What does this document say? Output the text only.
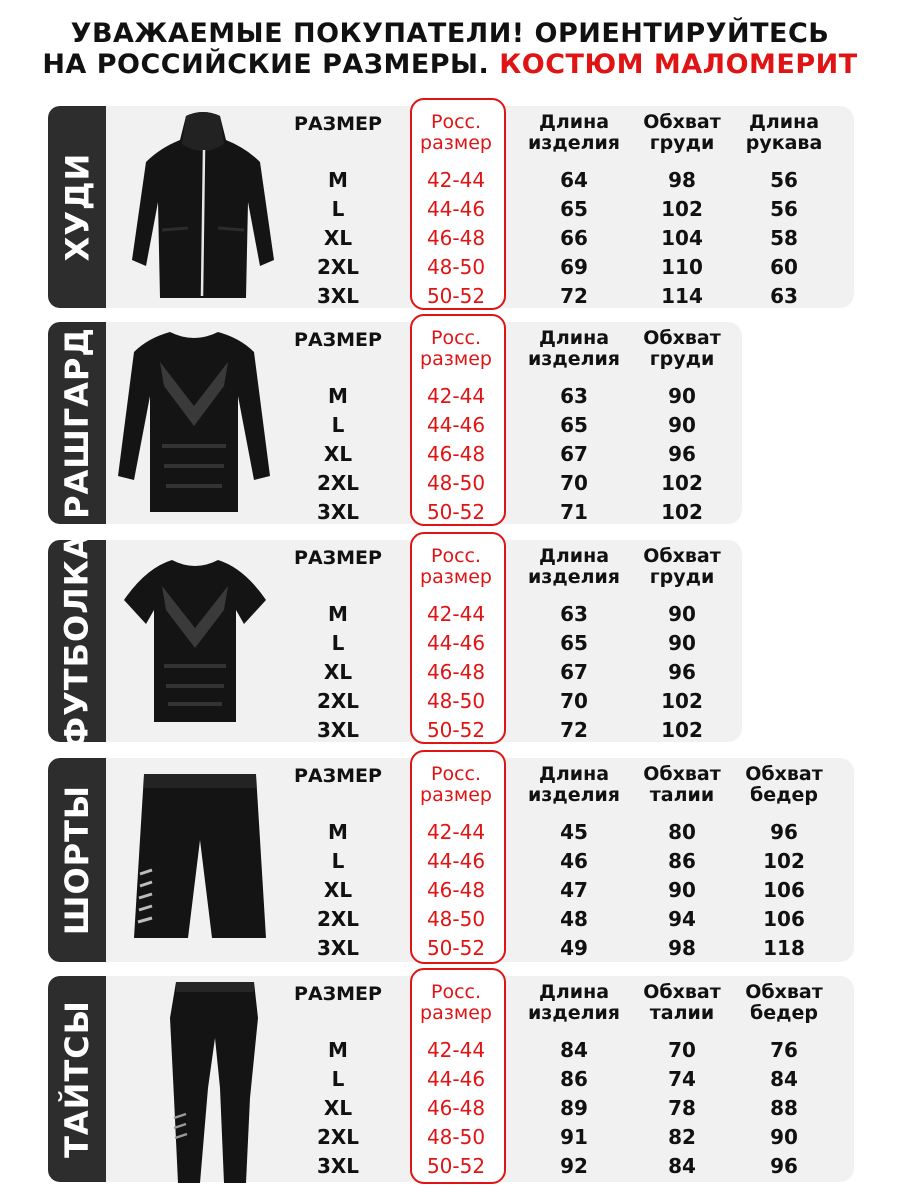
УВАЖАЕМЫЕ ПОКУПАТЕЛИ! ОРИЕНТИРУЙТЕСЬ
НА РОССИЙСКИЕ РАЗМЕРЫ. КОСТЮМ МАЛОМЕРИТ
ХУДИ
РАЗМЕР	Росс.
размер
Длина
изделия
Обхват
груди
Длина
рукава
M	42-44	64	98	56
L	44-46	65	102	56
XL	46-48	66	104	58
2XL	48-50	69	110	60
3XL	50-52	72	114	63
РАШГАРД	РАЗМЕР	Росс.
размер
Длина
изделия
Обхват
груди
M	42-44	63	90
L	44-46	65	90
XL	46-48	67	96
2XL	48-50	70	102
3XL	50-52	71	102
ФУТБОЛКА	РАЗМЕР	Росс.
размер
Длина
изделия
Обхват
груди
M	42-44	63	90
L	44-46	65	90
XL	46-48	67	96
2XL	48-50	70	102
3XL	50-52	72	102
ШОРТЫ
РАЗМЕР	Росс.
размер
Длина
изделия
Обхват
талии
Обхват
бедер
M	42-44	45	80	96
L	44-46	46	86	102
XL	46-48	47	90	106
2XL	48-50	48	94	106
3XL	50-52	49	98	118
ТАЙТСЫ
РАЗМЕР	Росс.
размер
Длина
изделия
Обхват
талии
Обхват
бедер
M	42-44	84	70	76
L	44-46	86	74	84
XL	46-48	89	78	88
2XL	48-50	91	82	90
3XL	50-52	92	84	96
